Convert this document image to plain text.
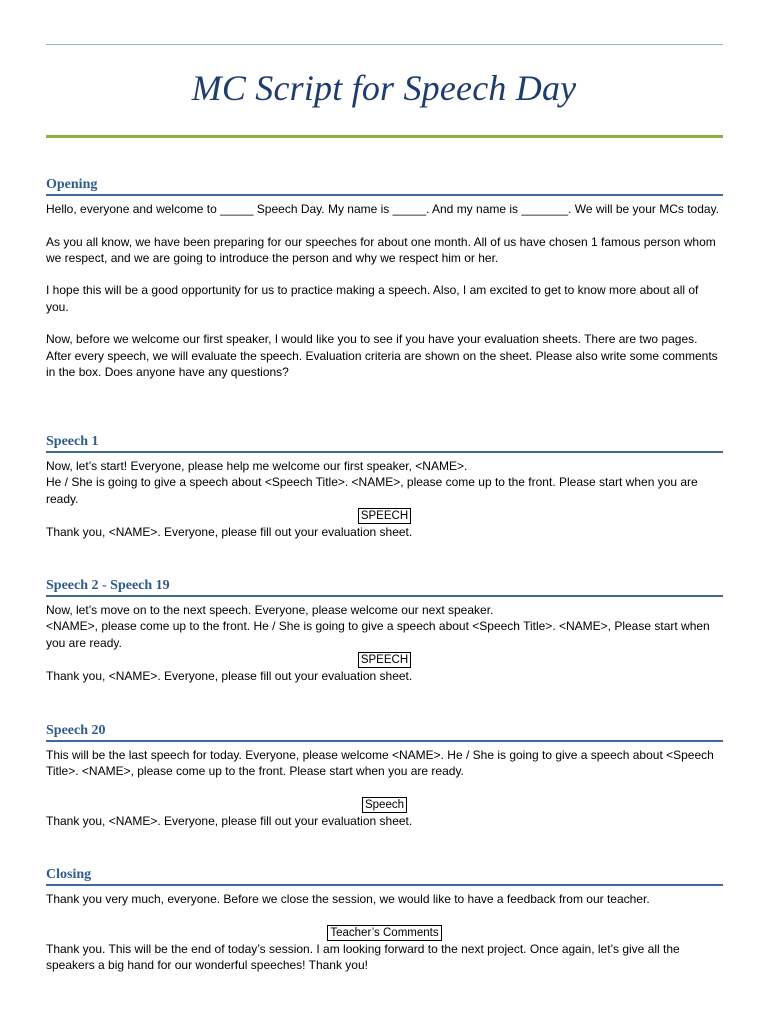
MC Script for Speech Day
Opening

Hello, everyone and welcome to _____ Speech Day. My name is _____. And my name is _______. We will be your MCs today.

As you all know, we have been preparing for our speeches for about one month. All of us have chosen 1 famous person whom we respect, and we are going to introduce the person and why we respect him or her.

I hope this will be a good opportunity for us to practice making a speech. Also, I am excited to get to know more about all of you.

Now, before we welcome our first speaker, I would like you to see if you have your evaluation sheets. There are two pages. After every speech, we will evaluate the speech. Evaluation criteria are shown on the sheet. Please also write some comments in the box. Does anyone have any questions?

Speech 1

Now, let’s start! Everyone, please help me welcome our first speaker, <NAME>.

He / She is going to give a speech about <Speech Title>. <NAME>, please come up to the front. Please start when you are ready.

SPEECH

Thank you, <NAME>. Everyone, please fill out your evaluation sheet.

Speech 2 - Speech 19

Now, let’s move on to the next speech. Everyone, please welcome our next speaker.

<NAME>, please come up to the front. He / She is going to give a speech about <Speech Title>. <NAME>, Please start when you are ready.

SPEECH

Thank you, <NAME>. Everyone, please fill out your evaluation sheet.

Speech 20

This will be the last speech for today. Everyone, please welcome <NAME>. He / She is going to give a speech about <Speech Title>. <NAME>, please come up to the front. Please start when you are ready.

Speech

Thank you, <NAME>. Everyone, please fill out your evaluation sheet.

Closing

Thank you very much, everyone. Before we close the session, we would like to have a feedback from our teacher.

Teacher’s Comments

Thank you. This will be the end of today’s session. I am looking forward to the next project. Once again, let’s give all the speakers a big hand for our wonderful speeches! Thank you!
